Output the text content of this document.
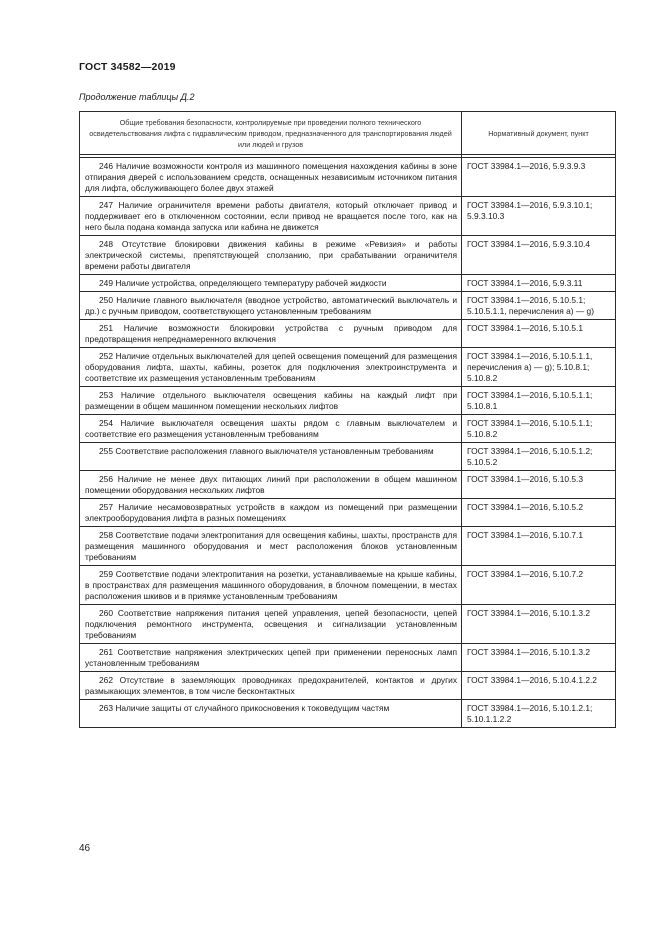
ГОСТ 34582—2019
Продолжение таблицы Д.2
Общие требования безопасности, контролируемые при проведении полного технического освидетельствования лифта с гидравлическим приводом, предназначенного для транспортирования людей или людей и грузов	Нормативный документ, пункт

246 Наличие возможности контроля из машинного помещения нахождения кабины в зоне отпирания дверей с использованием средств, оснащенных независимым источником питания для лифта, обслуживающего более двух этажей	ГОСТ 33984.1—2016, 5.9.3.9.3
247 Наличие ограничителя времени работы двигателя, который отключает привод и поддерживает его в отключенном состоянии, если привод не вращается после того, как на него была подана команда запуска или кабина не движется	ГОСТ 33984.1—2016, 5.9.3.10.1; 5.9.3.10.3
248 Отсутствие блокировки движения кабины в режиме «Ревизия» и работы электрической системы, препятствующей сползанию, при срабатывании ограничителя времени работы двигателя	ГОСТ 33984.1—2016, 5.9.3.10.4
249 Наличие устройства, определяющего температуру рабочей жидкости	ГОСТ 33984.1—2016, 5.9.3.11
250 Наличие главного выключателя (вводное устройство, автоматический выключатель и др.) с ручным приводом, соответствующего установленным требованиям	ГОСТ 33984.1—2016, 5.10.5.1; 5.10.5.1.1, перечисления а) — g)
251 Наличие возможности блокировки устройства с ручным приводом для предотвращения непреднамеренного включения	ГОСТ 33984.1—2016, 5.10.5.1
252 Наличие отдельных выключателей для цепей освещения помещений для размещения оборудования лифта, шахты, кабины, розеток для подключения электроинструмента и соответствие их размещения установленным требованиям	ГОСТ 33984.1—2016, 5.10.5.1.1, перечисления а) — g); 5.10.8.1; 5.10.8.2
253 Наличие отдельного выключателя освещения кабины на каждый лифт при размещении в общем машинном помещении нескольких лифтов	ГОСТ 33984.1—2016, 5.10.5.1.1; 5.10.8.1
254 Наличие выключателя освещения шахты рядом с главным выключателем и соответствие его размещения установленным требованиям	ГОСТ 33984.1—2016, 5.10.5.1.1; 5.10.8.2
255 Соответствие расположения главного выключателя установленным требованиям	ГОСТ 33984.1—2016, 5.10.5.1.2; 5.10.5.2
256 Наличие не менее двух питающих линий при расположении в общем машинном помещении оборудования нескольких лифтов	ГОСТ 33984.1—2016, 5.10.5.3
257 Наличие несамовозвратных устройств в каждом из помещений при размещении электрооборудования лифта в разных помещениях	ГОСТ 33984.1—2016, 5.10.5.2
258 Соответствие подачи электропитания для освещения кабины, шахты, пространств для размещения машинного оборудования и мест расположения блоков установленным требованиям	ГОСТ 33984.1—2016, 5.10.7.1
259 Соответствие подачи электропитания на розетки, устанавливаемые на крыше кабины, в пространствах для размещения машинного оборудования, в блочном помещении, в местах расположения шкивов и в приямке установленным требованиям	ГОСТ 33984.1—2016, 5.10.7.2
260 Соответствие напряжения питания цепей управления, цепей безопасности, цепей подключения ремонтного инструмента, освещения и сигнализации установленным требованиям	ГОСТ 33984.1—2016, 5.10.1.3.2
261 Соответствие напряжения электрических цепей при применении переносных ламп установленным требованиям	ГОСТ 33984.1—2016, 5.10.1.3.2
262 Отсутствие в заземляющих проводниках предохранителей, контактов и других размыкающих элементов, в том числе бесконтактных	ГОСТ 33984.1—2016, 5.10.4.1.2.2
263 Наличие защиты от случайного прикосновения к токоведущим частям	ГОСТ 33984.1—2016, 5.10.1.2.1; 5.10.1.1.2.2
46
